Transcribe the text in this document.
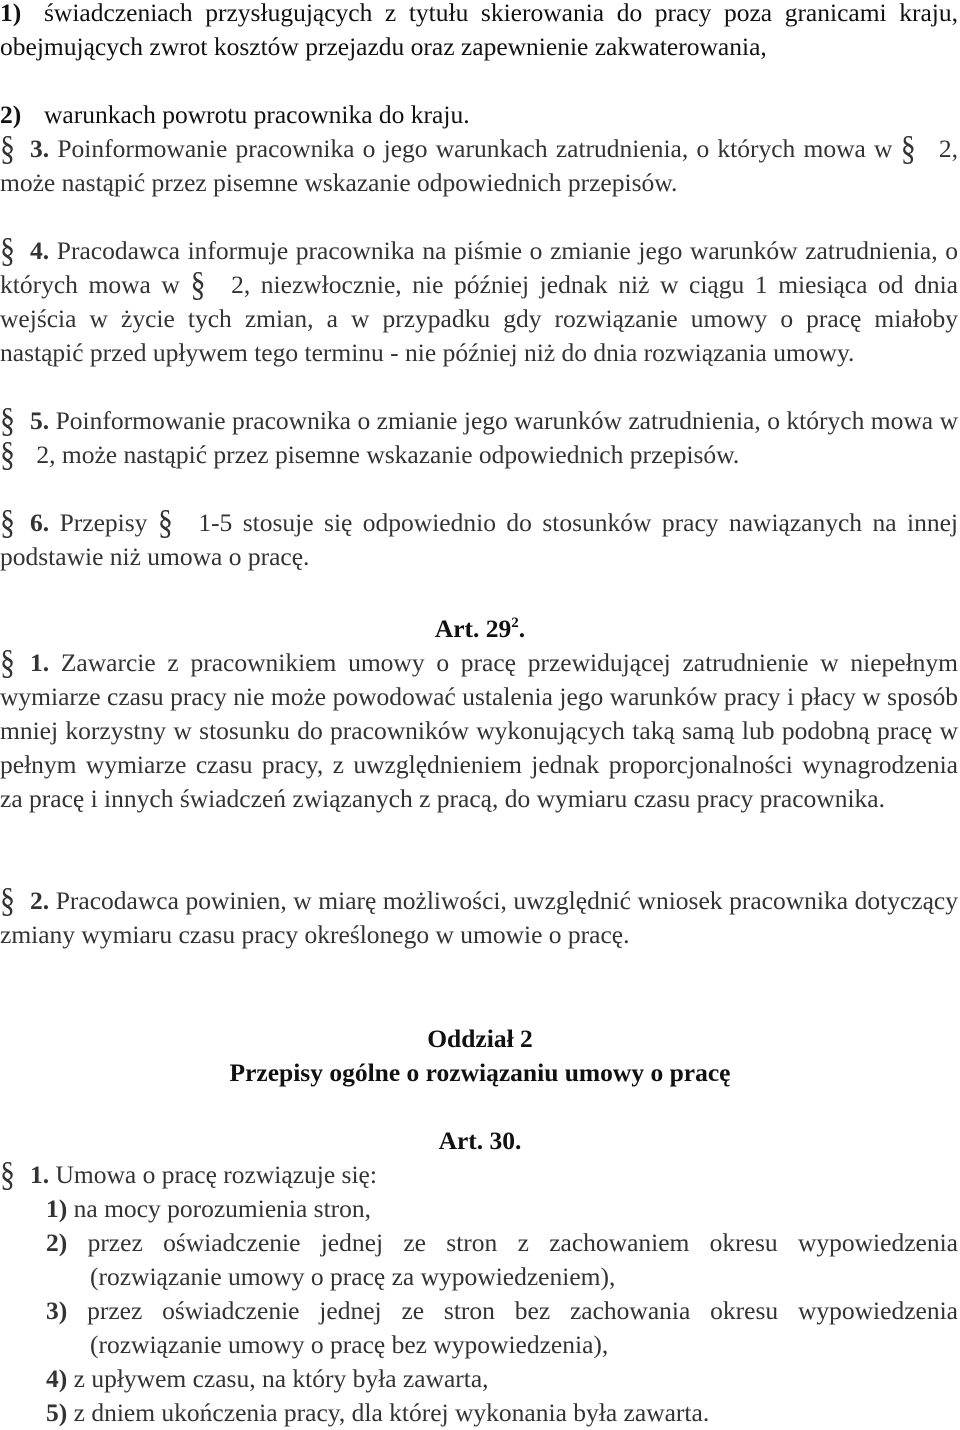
1) świadczeniach przysługujących z tytułu skierowania do pracy poza granicami kraju, obejmujących zwrot kosztów przejazdu oraz zapewnienie zakwaterowania,
2) warunkach powrotu pracownika do kraju.
§ 3. Poinformowanie pracownika o jego warunkach zatrudnienia, o których mowa w § 2, może nastąpić przez pisemne wskazanie odpowiednich przepisów.
§ 4. Pracodawca informuje pracownika na piśmie o zmianie jego warunków zatrudnienia, o których mowa w § 2, niezwłocznie, nie później jednak niż w ciągu 1 miesiąca od dnia wejścia w życie tych zmian, a w przypadku gdy rozwiązanie umowy o pracę miałoby nastąpić przed upływem tego terminu - nie później niż do dnia rozwiązania umowy.
§ 5. Poinformowanie pracownika o zmianie jego warunków zatrudnienia, o których mowa w § 2, może nastąpić przez pisemne wskazanie odpowiednich przepisów.
§ 6. Przepisy § 1-5 stosuje się odpowiednio do stosunków pracy nawiązanych na innej podstawie niż umowa o pracę.
Art. $29^2$.
§ 1. Zawarcie z pracownikiem umowy o pracę przewidującej zatrudnienie w niepełnym wymiarze czasu pracy nie może powodować ustalenia jego warunków pracy i płacy w sposób mniej korzystny w stosunku do pracowników wykonujących taką samą lub podobną pracę w pełnym wymiarze czasu pracy, z uwzględnieniem jednak proporcjonalności wynagrodzenia za pracę i innych świadczeń związanych z pracą, do wymiaru czasu pracy pracownika.
§ 2. Pracodawca powinien, w miarę możliwości, uwzględnić wniosek pracownika dotyczący zmiany wymiaru czasu pracy określonego w umowie o pracę.
Oddział 2
Przepisy ogólne o rozwiązaniu umowy o pracę
Art. 30.
§ 1. Umowa o pracę rozwiązuje się:
1) na mocy porozumienia stron,
2) przez oświadczenie jednej ze stron z zachowaniem okresu wypowiedzenia (rozwiązanie umowy o pracę za wypowiedzeniem),
3) przez oświadczenie jednej ze stron bez zachowania okresu wypowiedzenia (rozwiązanie umowy o pracę bez wypowiedzenia),
4) z upływem czasu, na który była zawarta,
5) z dniem ukończenia pracy, dla której wykonania była zawarta.
